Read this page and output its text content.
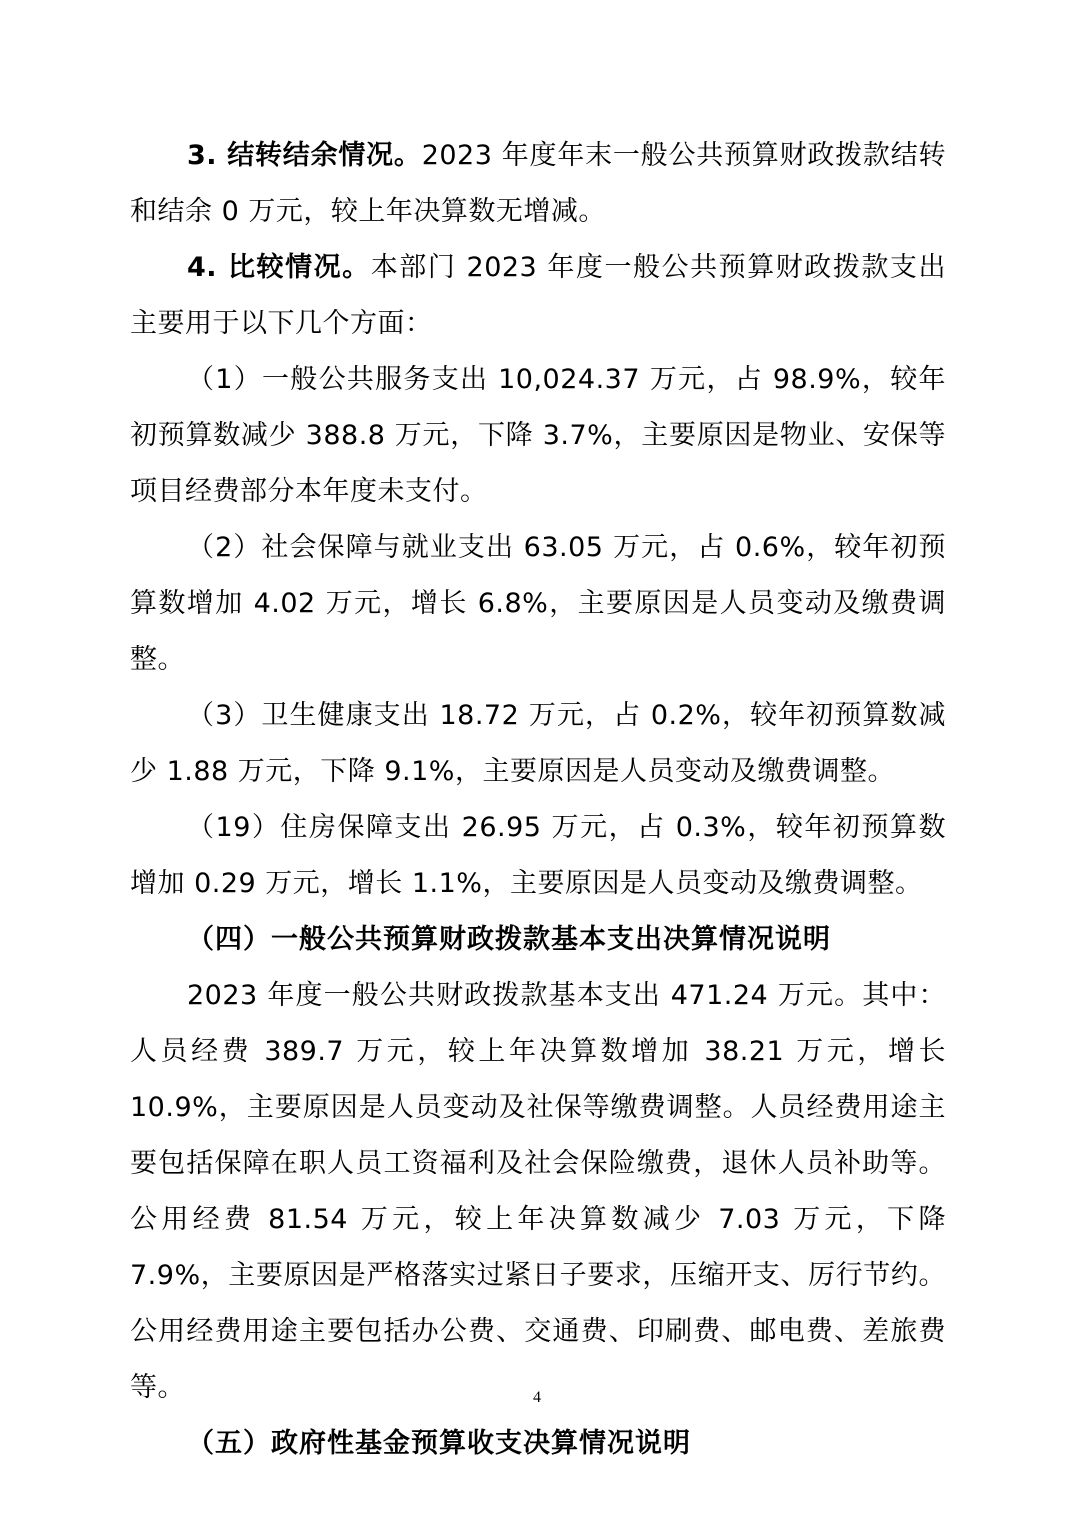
3. 结转结余情况。2023 年度年末一般公共预算财政拨款结转和结余 0 万元，较上年决算数无增减。

4. 比较情况。本部门 2023 年度一般公共预算财政拨款支出主要用于以下几个方面：

（1）一般公共服务支出 10,024.37 万元，占 98.9%，较年初预算数减少 388.8 万元，下降 3.7%，主要原因是物业、安保等项目经费部分本年度未支付。

（2）社会保障与就业支出 63.05 万元，占 0.6%，较年初预算数增加 4.02 万元，增长 6.8%，主要原因是人员变动及缴费调整。

（3）卫生健康支出 18.72 万元，占 0.2%，较年初预算数减少 1.88 万元，下降 9.1%，主要原因是人员变动及缴费调整。

（19）住房保障支出 26.95 万元，占 0.3%，较年初预算数增加 0.29 万元，增长 1.1%，主要原因是人员变动及缴费调整。

（四）一般公共预算财政拨款基本支出决算情况说明

2023 年度一般公共财政拨款基本支出 471.24 万元。其中：人员经费 389.7 万元，较上年决算数增加 38.21 万元，增长 10.9%，主要原因是人员变动及社保等缴费调整。人员经费用途主要包括保障在职人员工资福利及社会保险缴费，退休人员补助等。公用经费 81.54 万元，较上年决算数减少 7.03 万元，下降 7.9%，主要原因是严格落实过紧日子要求，压缩开支、厉行节约。公用经费用途主要包括办公费、交通费、印刷费、邮电费、差旅费等。

（五）政府性基金预算收支决算情况说明

4
